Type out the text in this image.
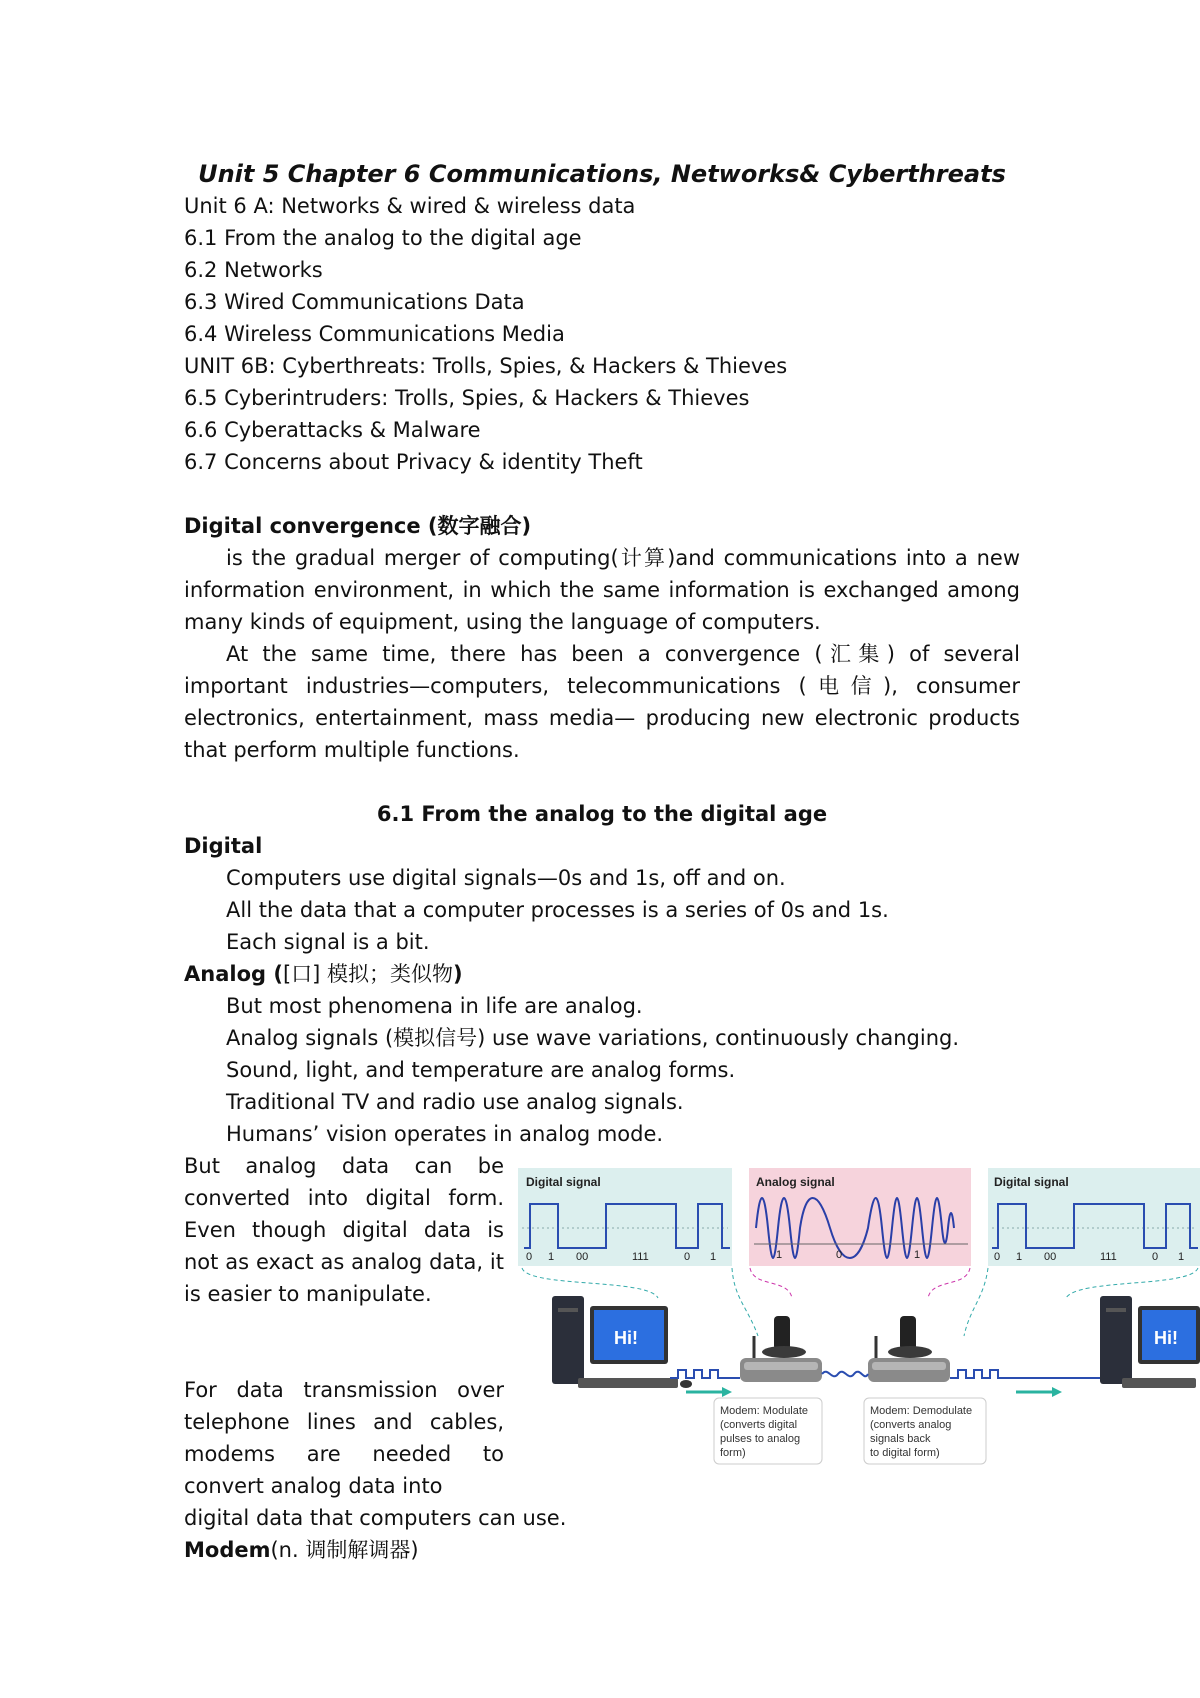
Unit 5 Chapter 6 Communications, Networks& Cyberthreats
Unit 6 A: Networks & wired & wireless data
6.1 From the analog to the digital age
6.2 Networks
6.3 Wired Communications Data
6.4 Wireless Communications Media
UNIT 6B: Cyberthreats: Trolls, Spies, & Hackers & Thieves
6.5 Cyberintruders: Trolls, Spies, & Hackers & Thieves
6.6 Cyberattacks & Malware
6.7 Concerns about Privacy & identity Theft
Digital convergence (数字融合)
is the gradual merger of computing(计算)and communications into a new information environment, in which the same information is exchanged among many kinds of equipment, using the language of computers.
At the same time, there has been a convergence (汇集) of several important industries—computers, telecommunications (电信), consumer electronics, entertainment, mass media— producing new electronic products that perform multiple functions.
6.1 From the analog to the digital age
Digital
Computers use digital signals—0s and 1s, off and on.
All the data that a computer processes is a series of 0s and 1s.
Each signal is a bit.
Analog ([口] 模拟；类似物)
But most phenomena in life are analog.
Analog signals (模拟信号) use wave variations, continuously changing.
Sound, light, and temperature are analog forms.
Traditional TV and radio use analog signals.
Humans’ vision operates in analog mode.
But analog data can be converted into digital form. Even though digital data is not as exact as analog data, it is easier to manipulate.
For data transmission over telephone lines and cables, modems are needed to convert analog data into
digital data that computers can use.
Modem(n. 调制解调器)
Digital signal	Analog signal	Digital signal
0 1 00	111	0 1	1	0	1	0 1 00	111	0 1
Hi!	Hi!
Modem: Modulate
(converts digital
pulses to analog
form)
Modem: Demodulate
(converts analog
signals back
to digital form)
